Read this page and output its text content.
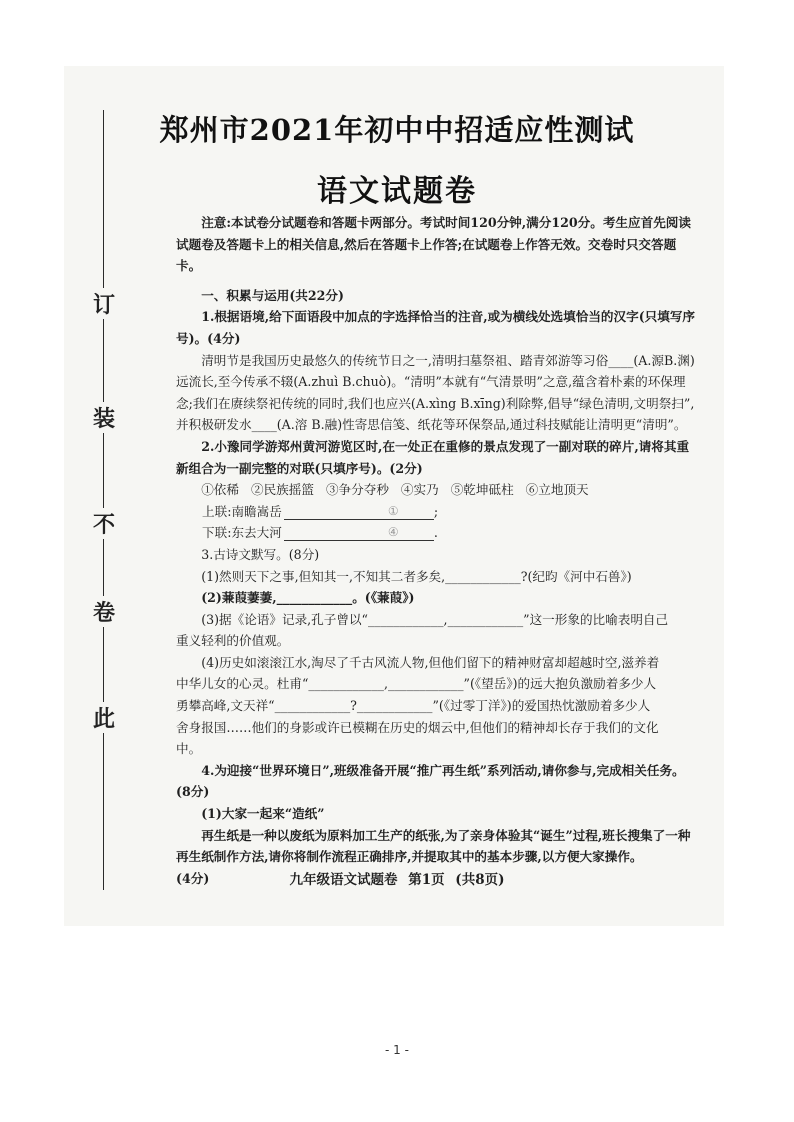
订
装
不
卷
此
郑州市2021年初中中招适应性测试
语文试题卷

注意:本试卷分试题卷和答题卡两部分。考试时间120分钟,满分120分。考生应首先阅读试题卷及答题卡上的相关信息,然后在答题卡上作答;在试题卷上作答无效。交卷时只交答题卡。

一、积累与运用(共22分)

1.根据语境,给下面语段中加点的字选择恰当的注音,或为横线处选填恰当的汉字(只填写序号)。(4分)

清明节是我国历史最悠久的传统节日之一,清明扫墓祭祖、踏青郊游等习俗____(A.源B.渊)远流长,至今传承不辍(A.zhuì B.chuò)。“清明”本就有“气清景明”之意,蕴含着朴素的环保理念;我们在赓续祭祀传统的同时,我们也应兴(A.xìng B.xīng)利除弊,倡导“绿色清明,文明祭扫”,并积极研发水____(A.溶 B.融)性寄思信笺、纸花等环保祭品,通过科技赋能让清明更“清明”。

2.小豫同学游郑州黄河游览区时,在一处正在重修的景点发现了一副对联的碎片,请将其重新组合为一副完整的对联(只填序号)。(2分)

①依稀 ②民族摇篮 ③争分夺秒 ④实乃 ⑤乾坤砥柱 ⑥立地顶天

上联:南瞻嵩岳	①	;

下联:东去大河	④	.

3.古诗文默写。(8分)

(1)然则天下之事,但知其一,不知其二者多矣,____________?(纪昀《河中石兽》)

(2)蒹葭萋萋,____________。(《蒹葭》)

(3)据《论语》记录,孔子曾以“____________,____________”这一形象的比喻表明自己

重义轻利的价值观。

(4)历史如滚滚江水,淘尽了千古风流人物,但他们留下的精神财富却超越时空,滋养着

中华儿女的心灵。杜甫“____________,____________”(《望岳》)的远大抱负激励着多少人

勇攀高峰,文天祥“____________?____________”(《过零丁洋》)的爱国热忱激励着多少人

舍身报国……他们的身影或许已模糊在历史的烟云中,但他们的精神却长存于我们的文化

中。

4.为迎接“世界环境日”,班级准备开展“推广再生纸”系列活动,请你参与,完成相关任务。(8分)

(1)大家一起来“造纸”

再生纸是一种以废纸为原料加工生产的纸张,为了亲身体验其“诞生”过程,班长搜集了一种再生纸制作方法,请你将制作流程正确排序,并提取其中的基本步骤,以方便大家操作。

(4分)	九年级语文试题卷 第1页 (共8页)
- 1 -
